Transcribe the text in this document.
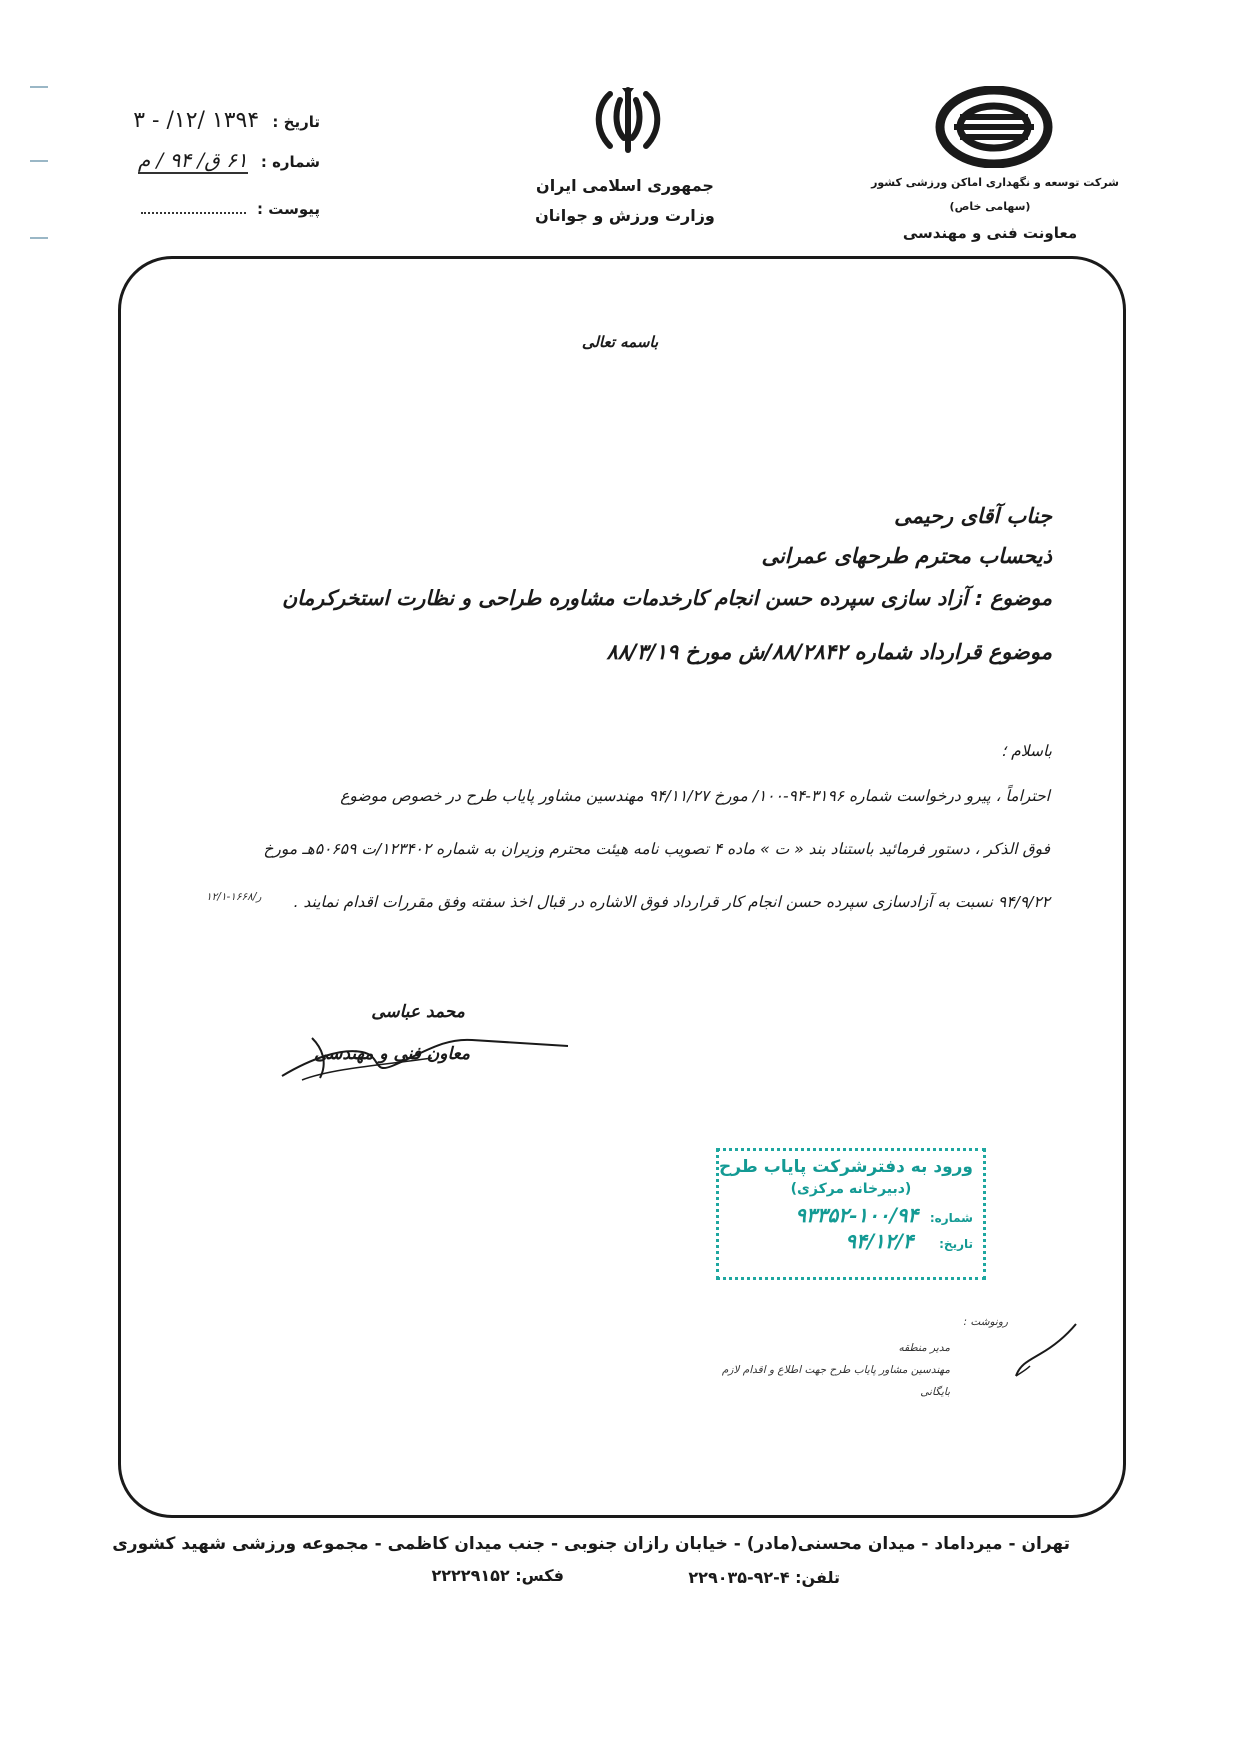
تاریخ : ۱۳۹۴ /۱۲/ - ۳
شماره : ۶۱ ق/ ۹۴ / م
پیوست :
جمهوری اسلامی ایران
وزارت ورزش و جوانان
شرکت توسعه و نگهداری اماکن ورزشی کشور
(سهامی خاص)
معاونت فنی و مهندسی
باسمه تعالی
جناب آقای رحیمی
ذیحساب محترم طرحهای عمرانی
موضوع : آزاد سازی سپرده حسن انجام کارخدمات مشاوره طراحی و نظارت استخرکرمان
موضوع قرارداد شماره ۸۸/۲۸۴۲/ش مورخ ۸۸/۳/۱۹
باسلام ؛
احتراماً ، پیرو درخواست شماره ۳۱۹۶-۹۴-۱۰۰/ مورخ ۹۴/۱۱/۲۷ مهندسین مشاور پایاب طرح در خصوص موضوع
فوق الذکر ، دستور فرمائید باستناد بند « ت » ماده ۴ تصویب نامه هیئت محترم وزیران به شماره ۱۲۳۴۰۲/ت ۵۰۶۵۹هـ مورخ
۹۴/۹/۲۲ نسبت به آزادسازی سپرده حسن انجام کار قرارداد فوق الاشاره در قبال اخذ سفته وفق مقررات اقدام نمایند .
ر/۱۶۶۸-۱۲/۱
محمد عباسی
معاون فنی و مهندسی
ورود به دفترشرکت پایاب طرح
(دبیرخانه مرکزی)
شماره: ۱۰۰/۹۴-۹۳۳۵۲
تاریخ: ۹۴/۱۲/۴
رونوشت :
مدیر منطقه
مهندسین مشاور پایاب طرح جهت اطلاع و اقدام لازم
بایگانی
تهران - میرداماد - میدان محسنی(مادر) - خیابان رازان جنوبی - جنب میدان کاظمی - مجموعه ورزشی شهید کشوری
تلفن: ۴-۹۲-۲۲۹۰۳۵
فکس: ۲۲۲۲۹۱۵۲
